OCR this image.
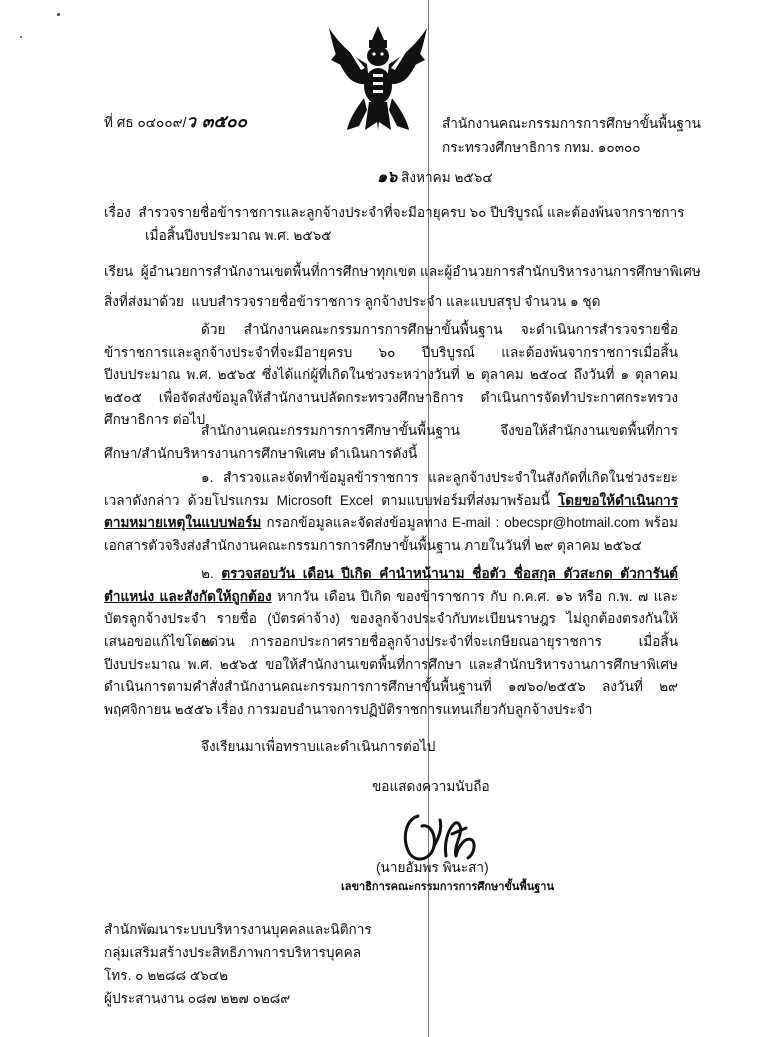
ที่ ศธ ๐๔๐๐๙/ว ๓๕๐๐	สำนักงานคณะกรรมการการศึกษาขั้นพื้นฐาน
กระทรวงศึกษาธิการ กทม. ๑๐๓๐๐
๑๖ สิงหาคม ๒๕๖๔
เรื่อง สำรวจรายชื่อข้าราชการและลูกจ้างประจำที่จะมีอายุครบ ๖๐ ปีบริบูรณ์ และต้องพ้นจากราชการ
เมื่อสิ้นปีงบประมาณ พ.ศ. ๒๕๖๕
เรียน ผู้อำนวยการสำนักงานเขตพื้นที่การศึกษาทุกเขต และผู้อำนวยการสำนักบริหารงานการศึกษาพิเศษ
สิ่งที่ส่งมาด้วย แบบสำรวจรายชื่อข้าราชการ ลูกจ้างประจำ และแบบสรุป จำนวน ๑ ชุด
ด้วย สำนักงานคณะกรรมการการศึกษาขั้นพื้นฐาน จะดำเนินการสำรวจรายชื่อข้าราชการและลูกจ้างประจำที่จะมีอายุครบ ๖๐ ปีบริบูรณ์ และต้องพ้นจากราชการเมื่อสิ้นปีงบประมาณ พ.ศ. ๒๕๖๕ ซึ่งได้แก่ผู้ที่เกิดในช่วงระหว่างวันที่ ๒ ตุลาคม ๒๕๐๔ ถึงวันที่ ๑ ตุลาคม ๒๕๐๕ เพื่อจัดส่งข้อมูลให้สำนักงานปลัดกระทรวงศึกษาธิการ ดำเนินการจัดทำประกาศกระทรวงศึกษาธิการ ต่อไป
สำนักงานคณะกรรมการการศึกษาขั้นพื้นฐาน จึงขอให้สำนักงานเขตพื้นที่การศึกษา/สำนักบริหารงานการศึกษาพิเศษ ดำเนินการดังนี้
๑. สำรวจและจัดทำข้อมูลข้าราชการ และลูกจ้างประจำในสังกัดที่เกิดในช่วงระยะเวลาดังกล่าว ด้วยโปรแกรม Microsoft Excel ตามแบบฟอร์มที่ส่งมาพร้อมนี้ โดยขอให้ดำเนินการตามหมายเหตุในแบบฟอร์ม กรอกข้อมูลและจัดส่งข้อมูลทาง E-mail : obecspr@hotmail.com พร้อมเอกสารตัวจริงส่งสำนักงานคณะกรรมการการศึกษาขั้นพื้นฐาน ภายในวันที่ ๒๙ ตุลาคม ๒๕๖๔
๒. ตรวจสอบวัน เดือน ปีเกิด คำนำหน้านาม ชื่อตัว ชื่อสกุล ตัวสะกด ตัวการันต์ ตำแหน่ง และสังกัดให้ถูกต้อง หากวัน เดือน ปีเกิด ของข้าราชการ กับ ก.ค.ศ. ๑๖ หรือ ก.พ. ๗ และบัตรลูกจ้างประจำ รายชื่อ (บัตรค่าจ้าง) ของลูกจ้างประจำกับทะเบียนราษฎร ไม่ถูกต้องตรงกันให้เสนอขอแก้ไขโดยด่วน
๓. การออกประกาศรายชื่อลูกจ้างประจำที่จะเกษียณอายุราชการ เมื่อสิ้นปีงบประมาณ พ.ศ. ๒๕๖๕ ขอให้สำนักงานเขตพื้นที่การศึกษา และสำนักบริหารงานการศึกษาพิเศษ ดำเนินการตามคำสั่งสำนักงานคณะกรรมการการศึกษาขั้นพื้นฐานที่ ๑๗๖๐/๒๕๕๖ ลงวันที่ ๒๙ พฤศจิกายน ๒๕๕๖ เรื่อง การมอบอำนาจการปฏิบัติราชการแทนเกี่ยวกับลูกจ้างประจำ
จึงเรียนมาเพื่อทราบและดำเนินการต่อไป
ขอแสดงความนับถือ
(นายอัมพร พินะสา)
เลขาธิการคณะกรรมการการศึกษาขั้นพื้นฐาน
สำนักพัฒนาระบบบริหารงานบุคคลและนิติการ
กลุ่มเสริมสร้างประสิทธิภาพการบริหารบุคคล
โทร. ๐ ๒๒๘๘ ๕๖๔๒
ผู้ประสานงาน ๐๘๗ ๒๒๗ ๐๒๘๙
